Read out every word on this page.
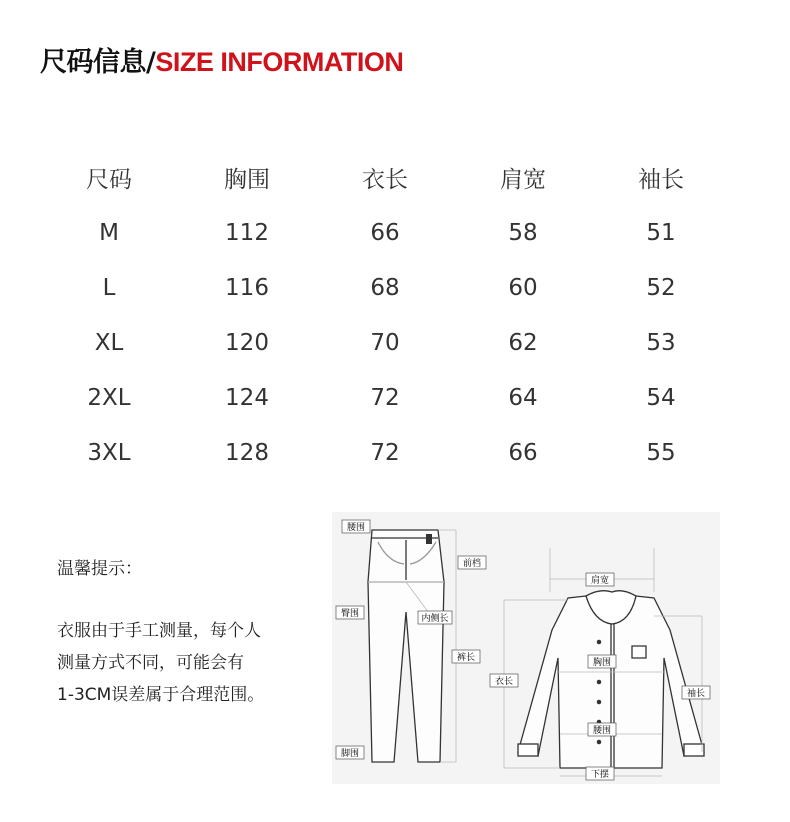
尺码信息/SIZE INFORMATION
尺码	胸围	衣长	肩宽	袖长
M	112	66	58	51
L	116	68	60	52
XL	120	70	62	53
2XL	124	72	64	54
3XL	128	72	66	55
温馨提示：
衣服由于手工测量，每个人
测量方式不同，可能会有
1-3CM误差属于合理范围。
腰围
前档
臀围	内侧长
裤长
脚围
肩宽
胸围
衣长
袖长
腰围
下摆
